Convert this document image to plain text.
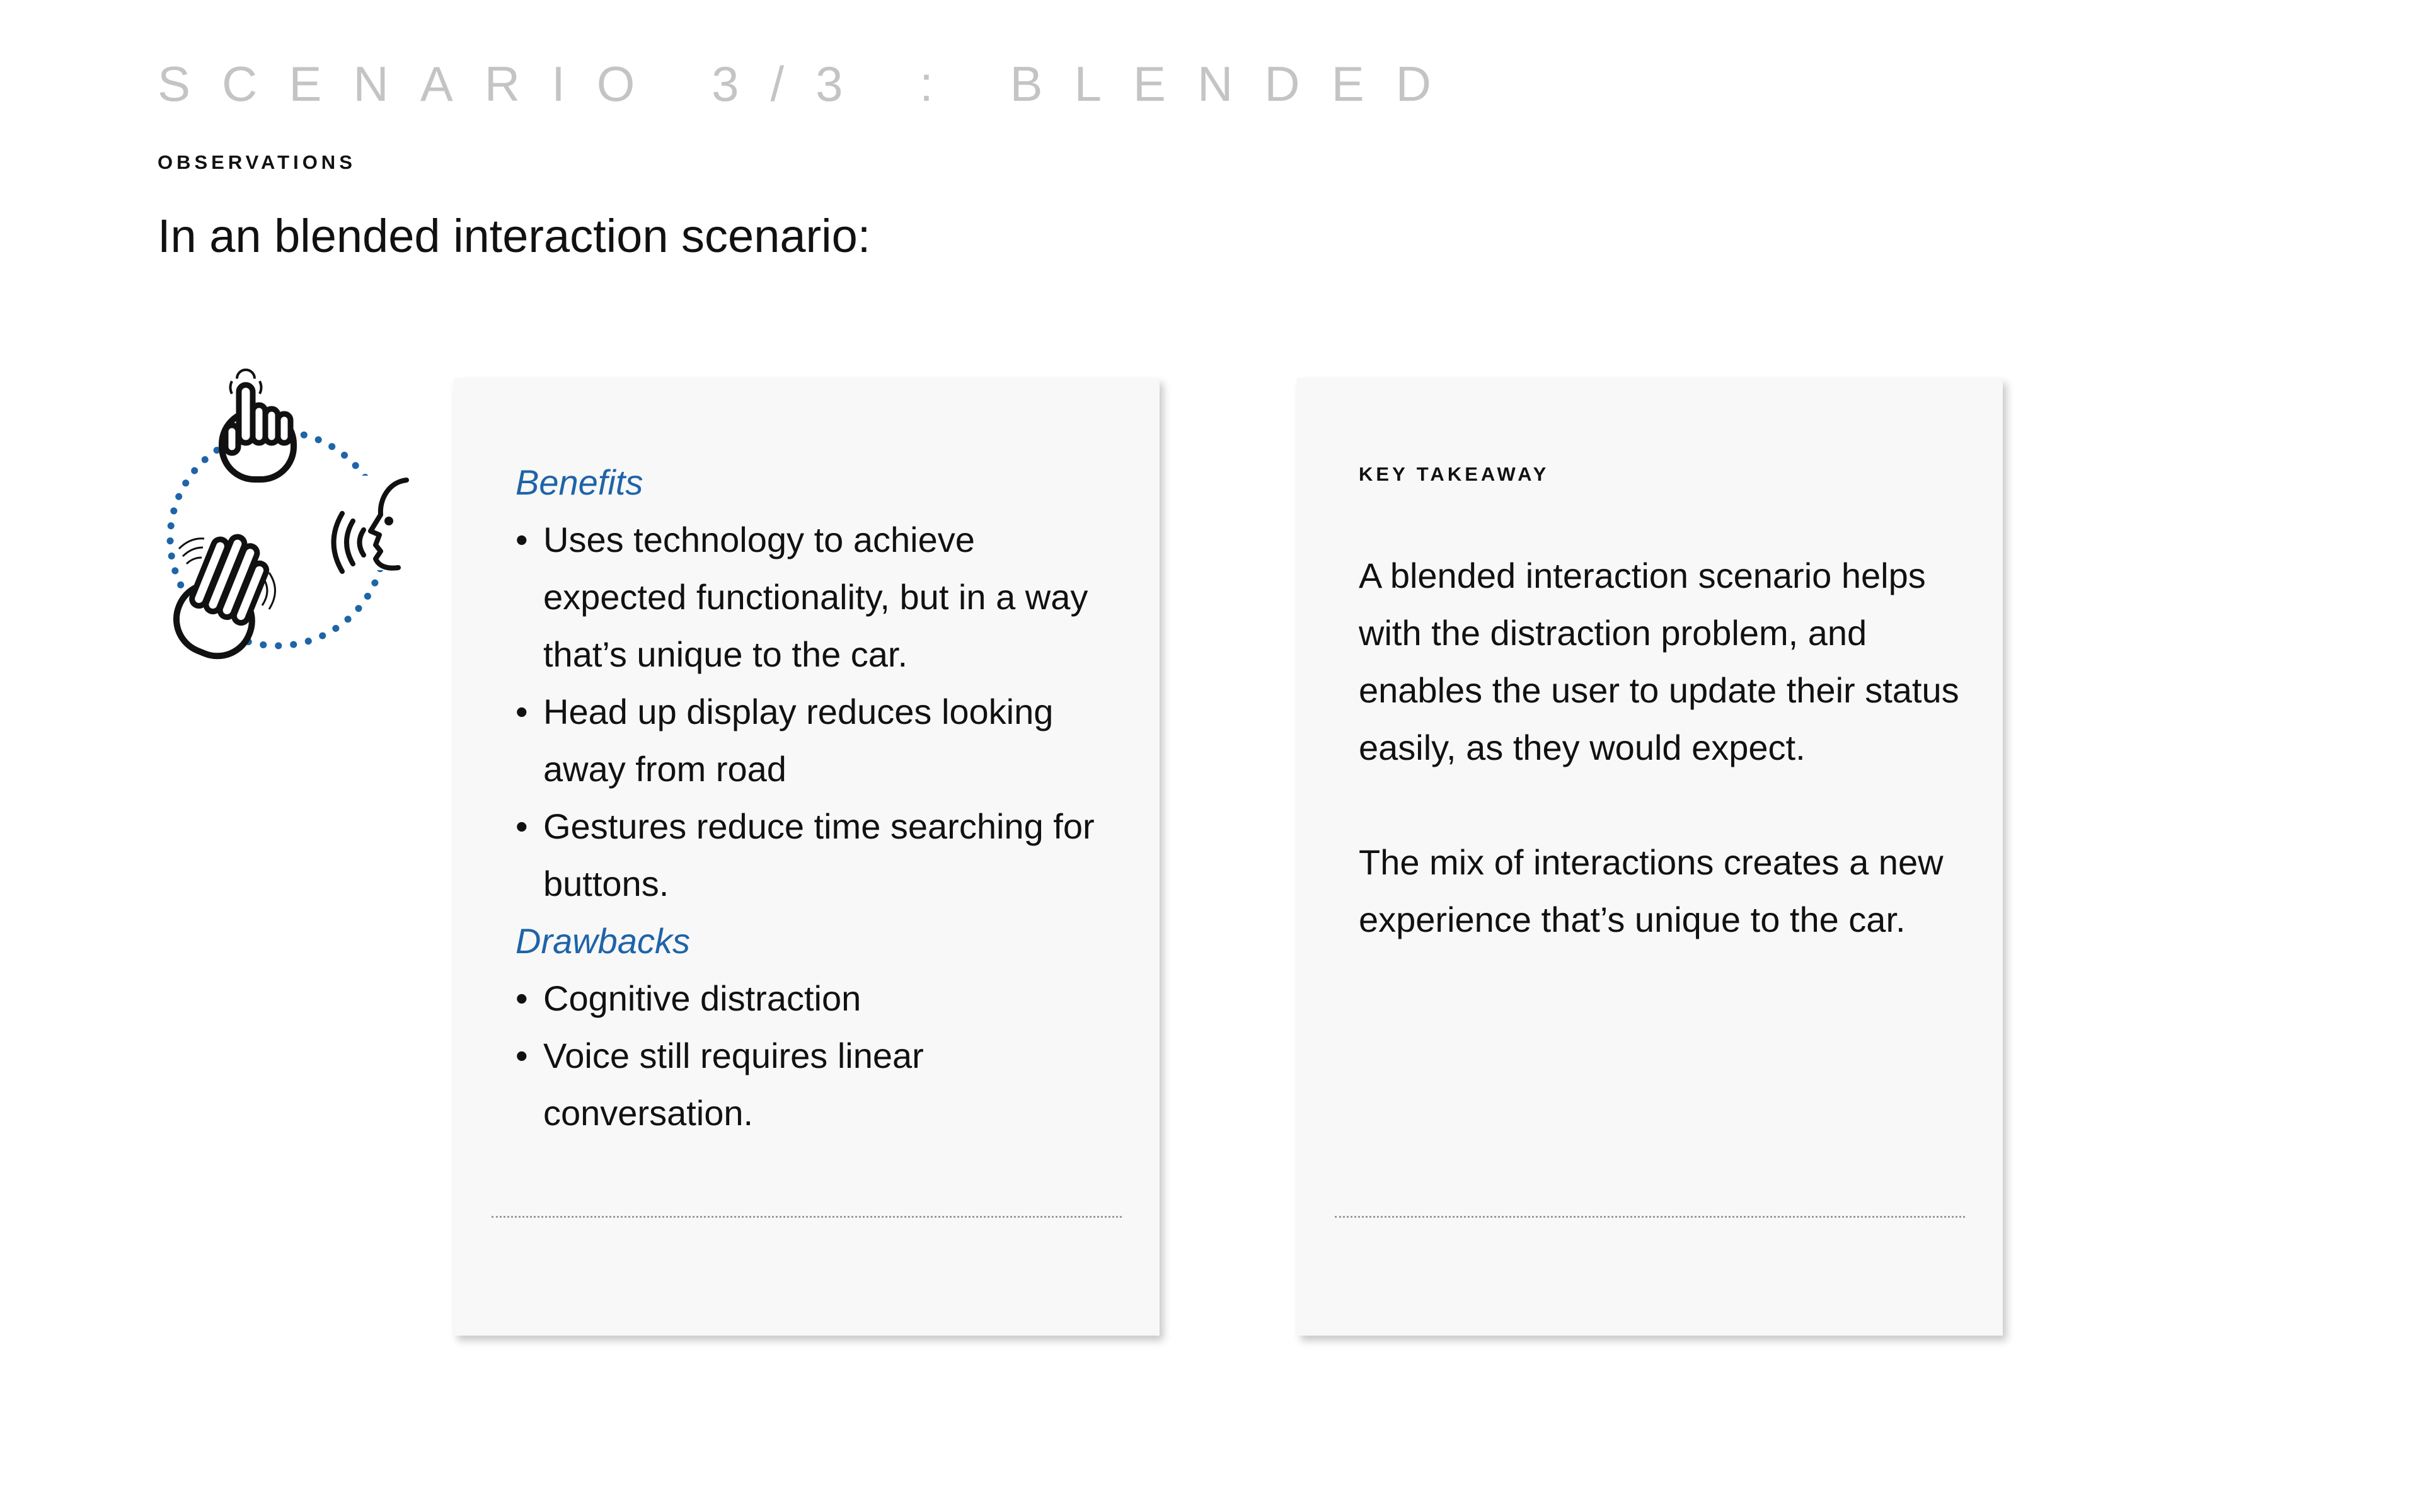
SCENARIO 3/3 : BLENDED
OBSERVATIONS
In an blended interaction scenario:
Benefits
• Uses technology to achieve expected functionality, but in a way that’s unique to the car.
• Head up display reduces looking away from road
• Gestures reduce time searching for buttons.
Drawbacks
• Cognitive distraction
• Voice still requires linear conversation.
KEY TAKEAWAY

A blended interaction scenario helps with the distraction problem, and enables the user to update their status easily, as they would expect.

The mix of interactions creates a new experience that’s unique to the car.
